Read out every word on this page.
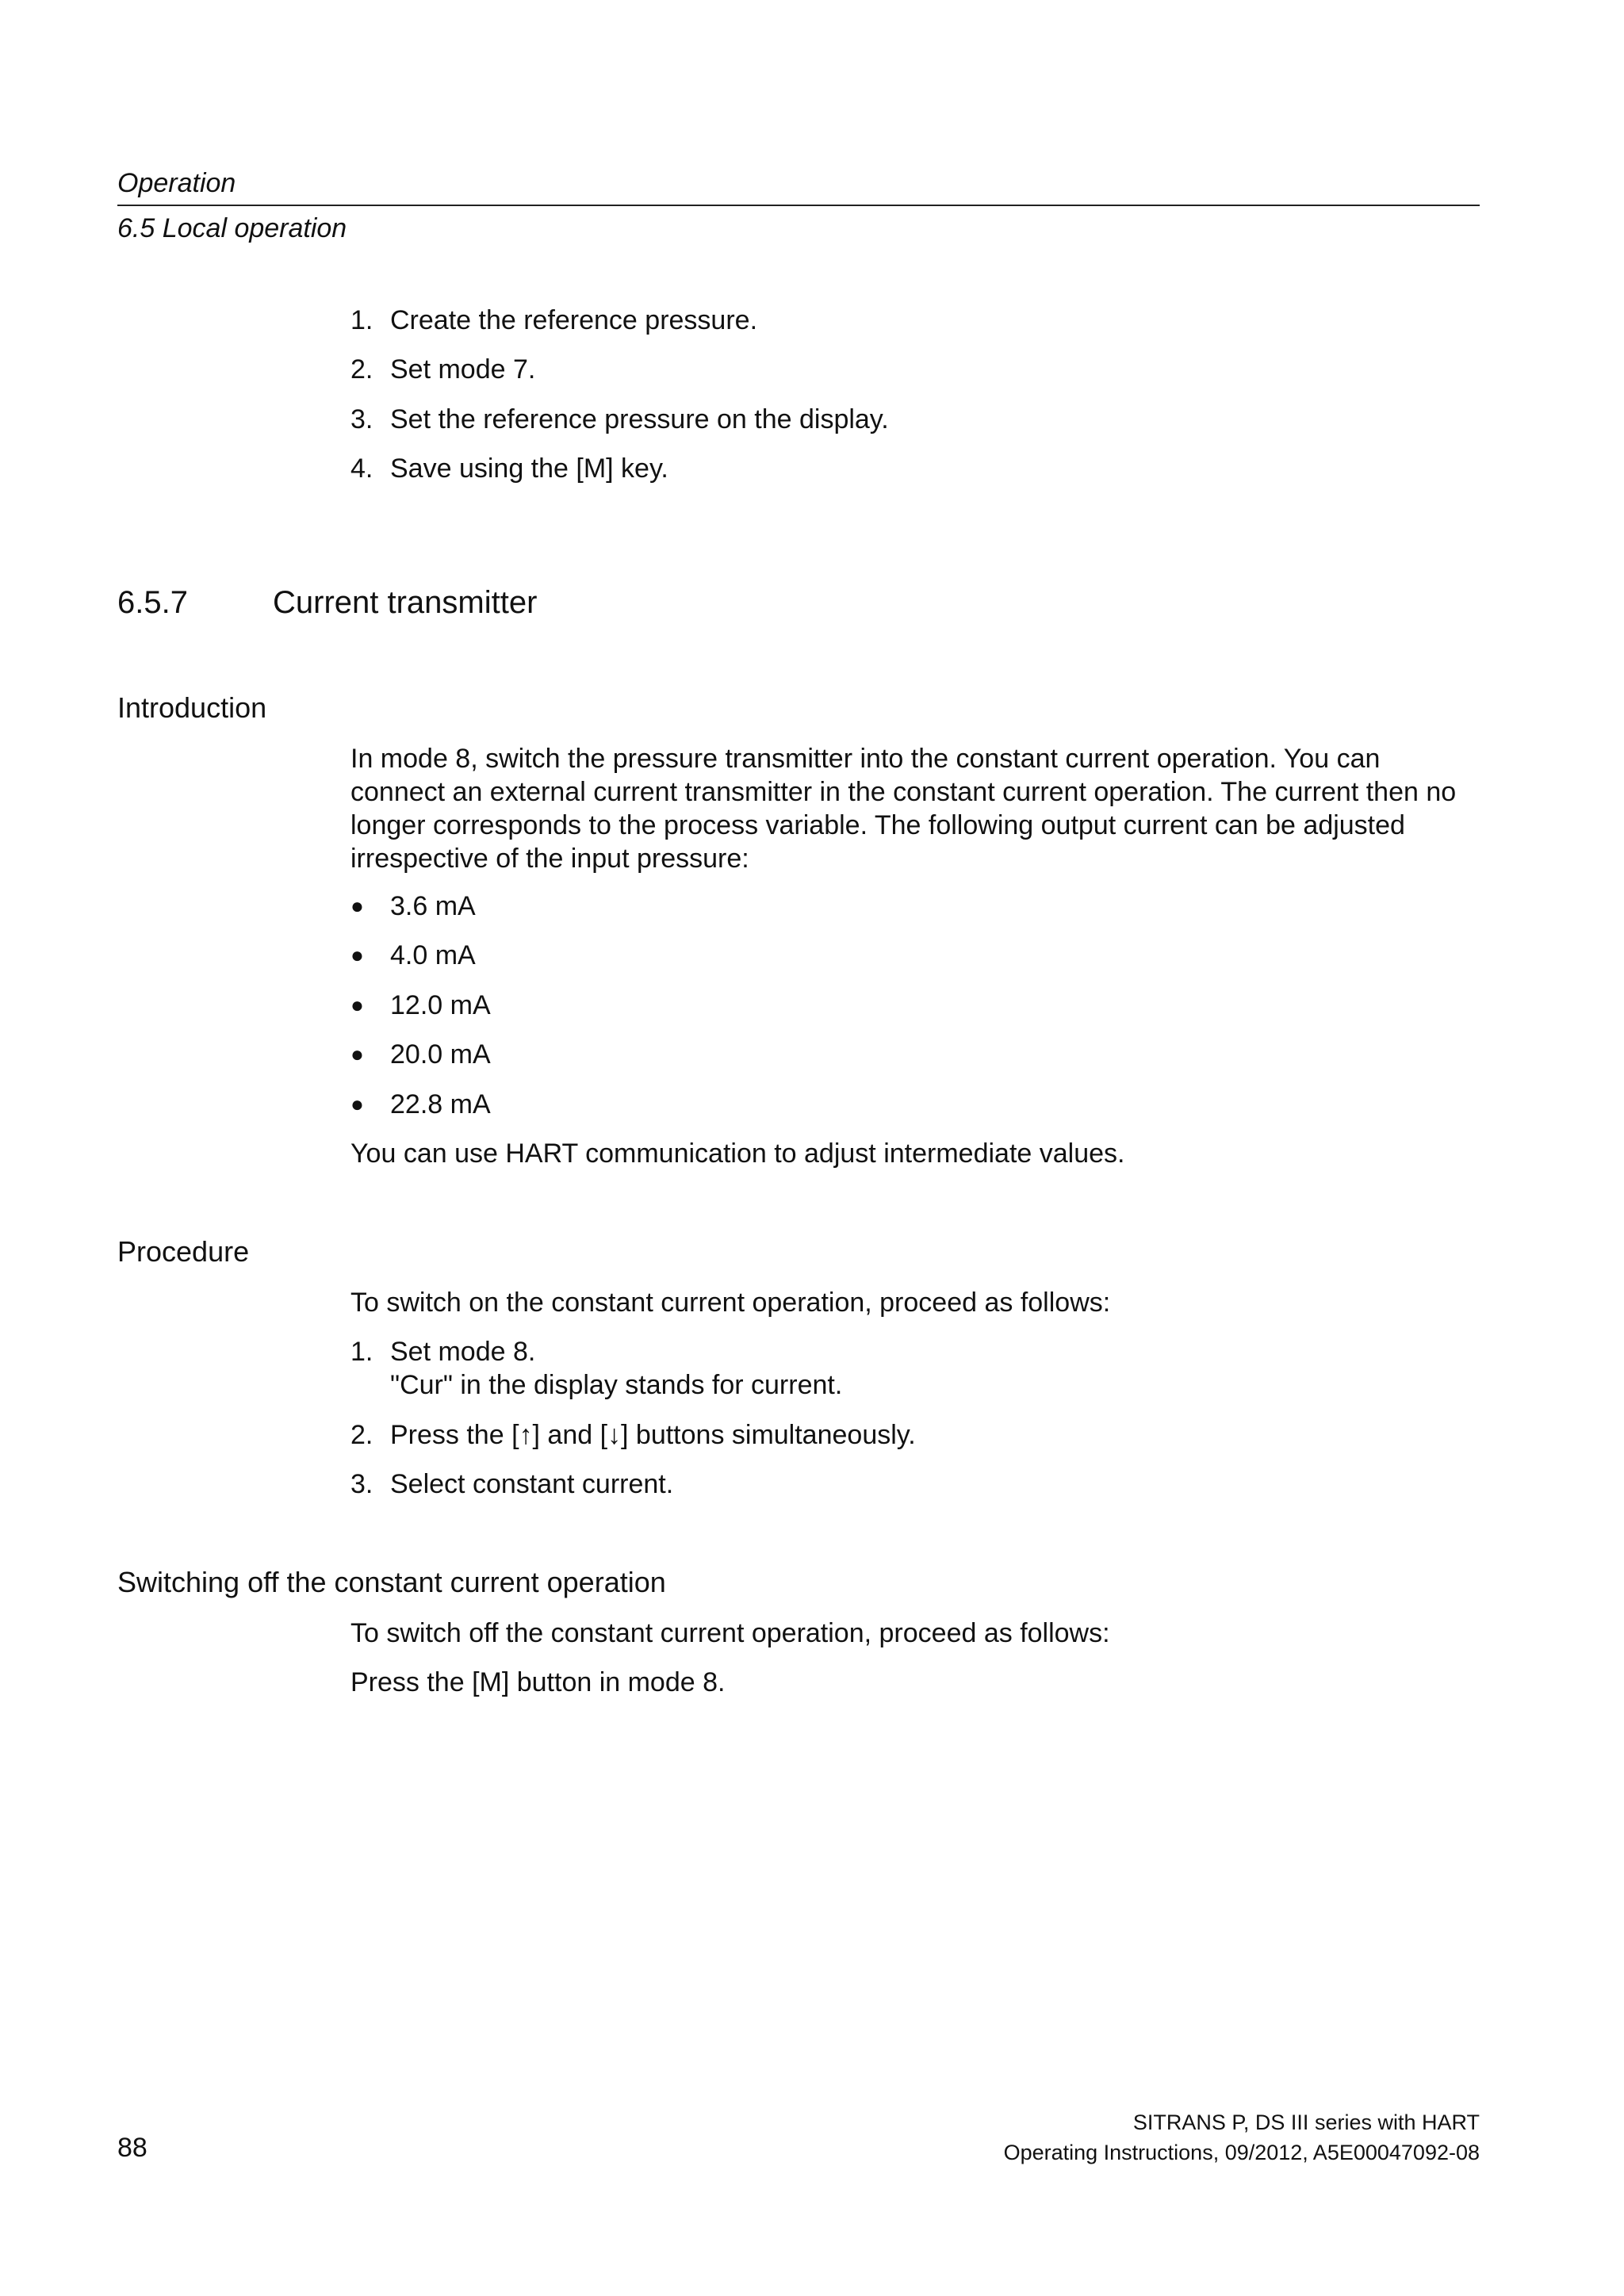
Operation
6.5 Local operation
1. Create the reference pressure.
2. Set mode 7.
3. Set the reference pressure on the display.
4. Save using the [M] key.
6.5.7	Current transmitter
Introduction
In mode 8, switch the pressure transmitter into the constant current operation. You can connect an external current transmitter in the constant current operation. The current then no longer corresponds to the process variable. The following output current can be adjusted irrespective of the input pressure:
● 3.6 mA
● 4.0 mA
● 12.0 mA
● 20.0 mA
● 22.8 mA
You can use HART communication to adjust intermediate values.
Procedure
To switch on the constant current operation, proceed as follows:
1. Set mode 8.
"Cur" in the display stands for current.
2. Press the [↑] and [↓] buttons simultaneously.
3. Select constant current.
Switching off the constant current operation
To switch off the constant current operation, proceed as follows:
Press the [M] button in mode 8.
88
SITRANS P, DS III series with HART
Operating Instructions, 09/2012, A5E00047092-08
